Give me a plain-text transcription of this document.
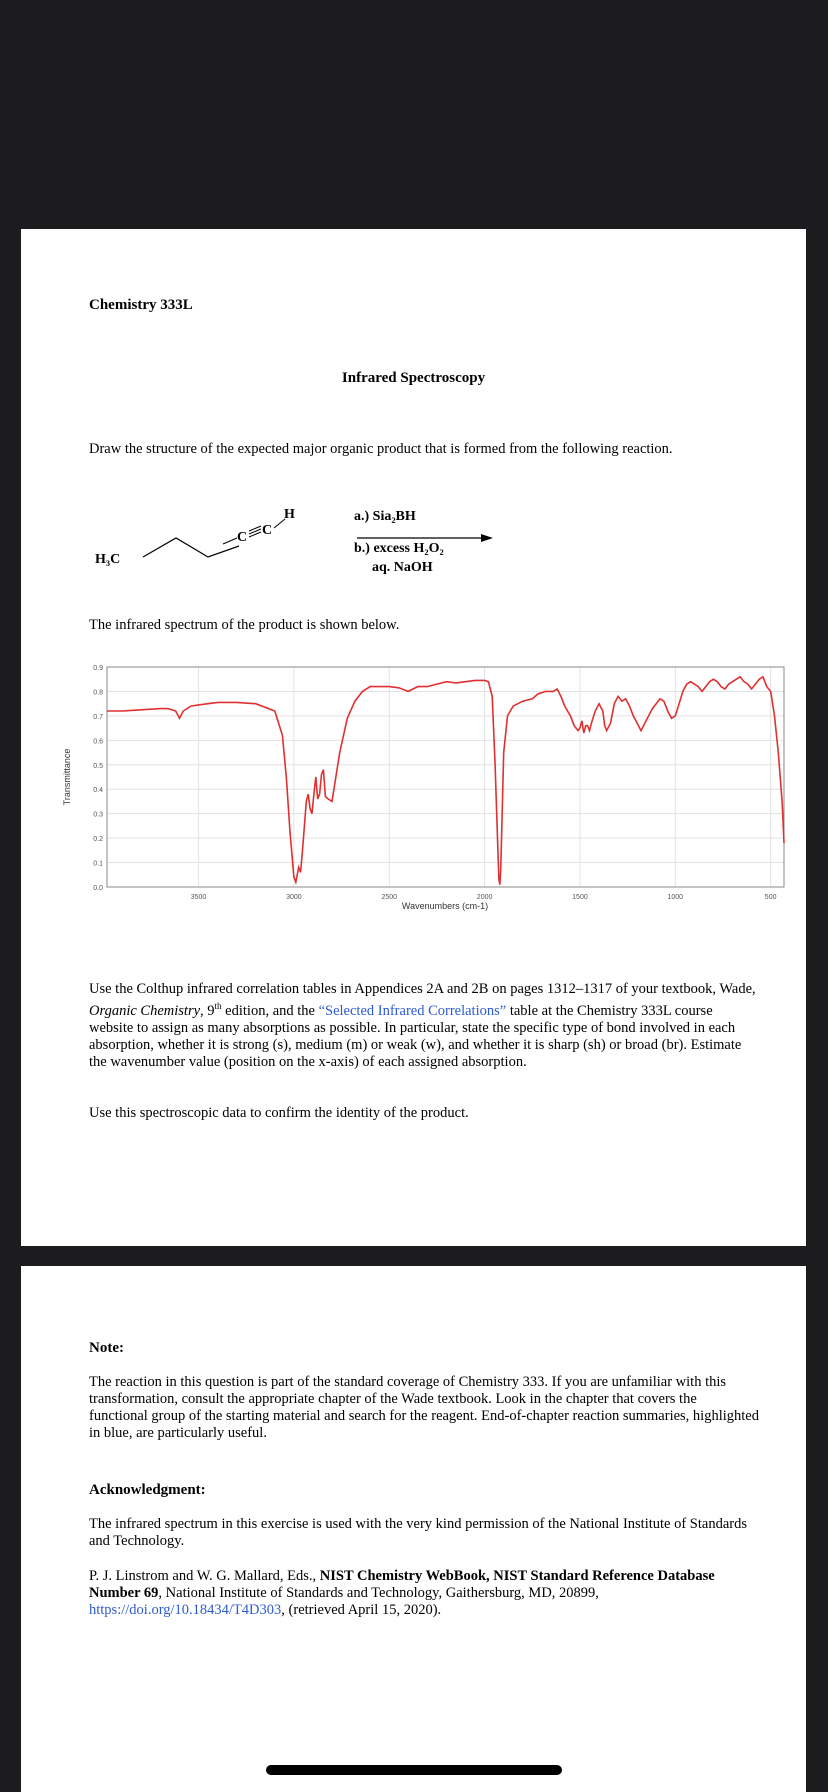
Chemistry 333L
Infrared Spectroscopy
Draw the structure of the expected major organic product that is formed from the following reaction.
H₃C
C C
H	a.) Sia₂BH
b.) excess H₂O₂
aq. NaOH
The infrared spectrum of the product is shown below.
0.0
0.1
0.2
0.3
0.4
0.5
0.6
0.7
0.8
0.9
3500	3000	2500	2000	1500	1000	500
Wavenumbers (cm-1)
Transmittance
Use the Colthup infrared correlation tables in Appendices 2A and 2B on pages 1312–1317 of your textbook, Wade, Organic Chemistry, 9th edition, and the “Selected Infrared Correlations” table at the Chemistry 333L course website to assign as many absorptions as possible. In particular, state the specific type of bond involved in each absorption, whether it is strong (s), medium (m) or weak (w), and whether it is sharp (sh) or broad (br). Estimate the wavenumber value (position on the x-axis) of each assigned absorption.
Use this spectroscopic data to confirm the identity of the product.
Note:
The reaction in this question is part of the standard coverage of Chemistry 333. If you are unfamiliar with this transformation, consult the appropriate chapter of the Wade textbook. Look in the chapter that covers the functional group of the starting material and search for the reagent. End-of-chapter reaction summaries, highlighted in blue, are particularly useful.
Acknowledgment:
The infrared spectrum in this exercise is used with the very kind permission of the National Institute of Standards and Technology.
P. J. Linstrom and W. G. Mallard, Eds., NIST Chemistry WebBook, NIST Standard Reference Database Number 69, National Institute of Standards and Technology, Gaithersburg, MD, 20899, https://doi.org/10.18434/T4D303, (retrieved April 15, 2020).
